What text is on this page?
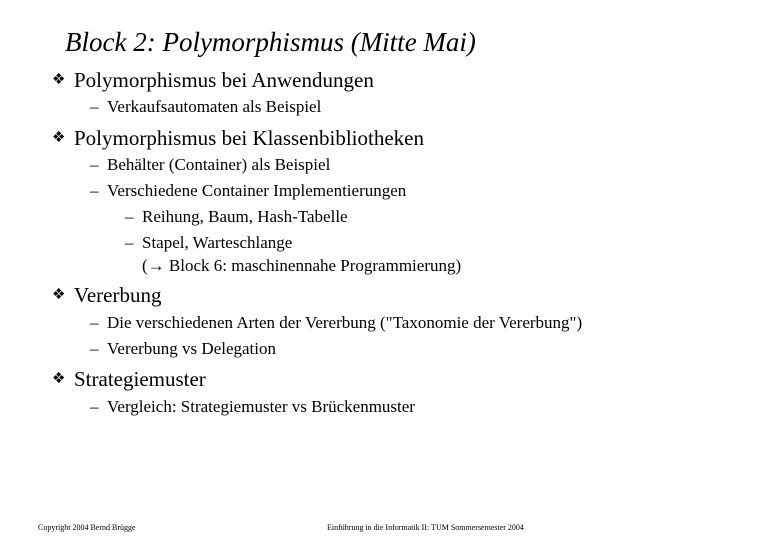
Block 2: Polymorphismus (Mitte Mai)
❖ Polymorphismus bei Anwendungen
– Verkaufsautomaten als Beispiel
❖ Polymorphismus bei Klassenbibliotheken
– Behälter (Container) als Beispiel
– Verschiedene Container Implementierungen
– Reihung, Baum, Hash-Tabelle
– Stapel, Warteschlange
(→ Block 6: maschinennahe Programmierung)
❖ Vererbung
– Die verschiedenen Arten der Vererbung ("Taxonomie der Vererbung")
– Vererbung vs Delegation
❖ Strategiemuster
– Vergleich: Strategiemuster vs Brückenmuster
Copyright 2004 Bernd Brügge	Einführung in die Informatik II: TUM Sommersemester 2004
